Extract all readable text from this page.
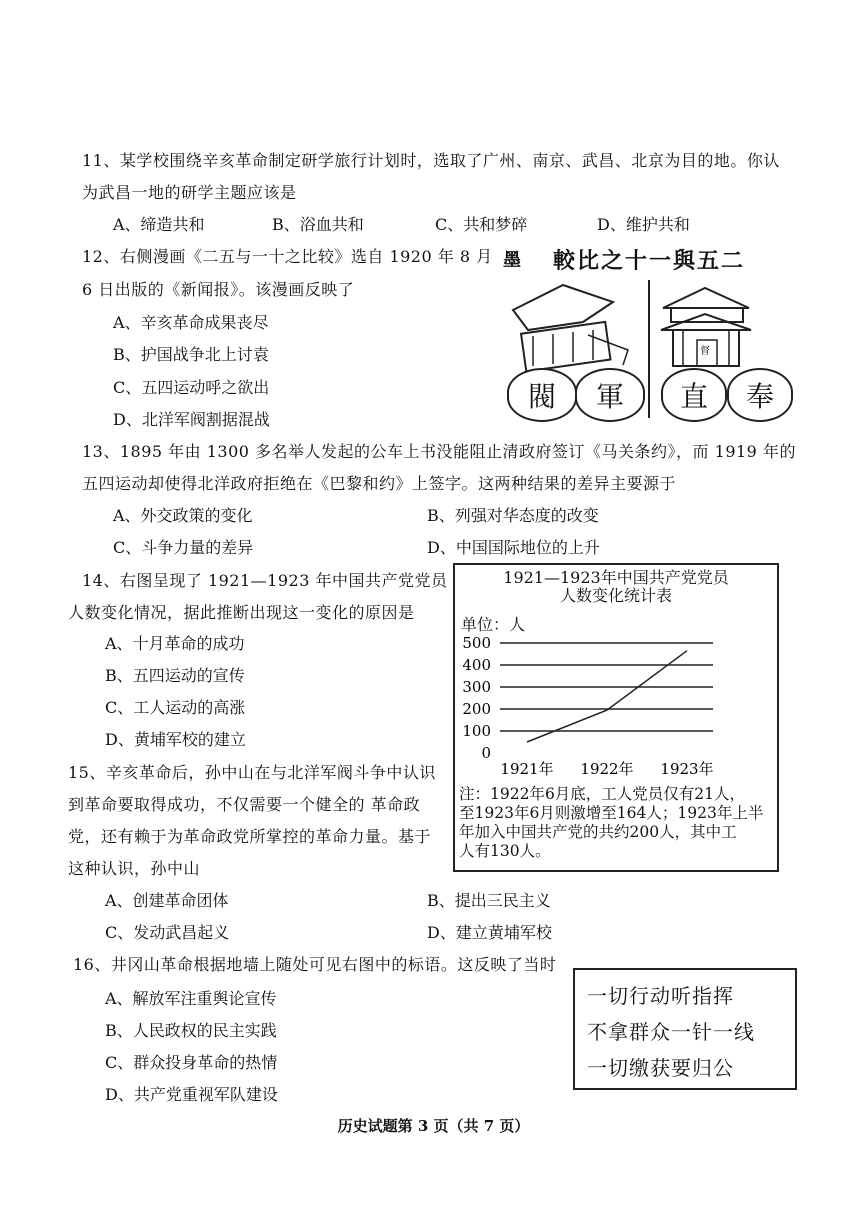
11、某学校围绕辛亥革命制定研学旅行计划时，选取了广州、南京、武昌、北京为目的地。你认
为武昌一地的研学主题应该是
A、缔造共和	B、浴血共和	C、共和梦碎	D、维护共和
12、右侧漫画《二五与一十之比较》选自 1920 年 8 月
6 日出版的《新闻报》。该漫画反映了
A、辛亥革命成果丧尽
B、护国战争北上讨袁
C、五四运动呼之欲出
D、北洋军阀割据混战
墨 較比之十一與五二
督
閥	軍	直	奉
13、1895 年由 1300 多名举人发起的公车上书没能阻止清政府签订《马关条约》，而 1919 年的
五四运动却使得北洋政府拒绝在《巴黎和约》上签字。这两种结果的差异主要源于
A、外交政策的变化	B、列强对华态度的改变
C、斗争力量的差异	D、中国国际地位的上升
14、右图呈现了 1921—1923 年中国共产党党员
人数变化情况，据此推断出现这一变化的原因是
A、十月革命的成功
B、五四运动的宣传
C、工人运动的高涨
D、黄埔军校的建立
1921—1923年中国共产党党员
人数变化统计表
单位：人
500
400
300
200
100
0
1921年 1922年 1923年
注：1922年6月底，工人党员仅有21人，
至1923年6月则激增至164人；1923年上半
年加入中国共产党的共约200人，其中工
人有130人。
15、辛亥革命后，孙中山在与北洋军阀斗争中认识
到革命要取得成功，不仅需要一个健全的 革命政
党，还有赖于为革命政党所掌控的革命力量。基于
这种认识，孙中山
A、创建革命团体	B、提出三民主义
C、发动武昌起义	D、建立黄埔军校
16、井冈山革命根据地墙上随处可见右图中的标语。这反映了当时
A、解放军注重舆论宣传
B、人民政权的民主实践
C、群众投身革命的热情
D、共产党重视军队建设
一切行动听指挥
不拿群众一针一线
一切缴获要归公
历史试题第 3 页（共 7 页）
